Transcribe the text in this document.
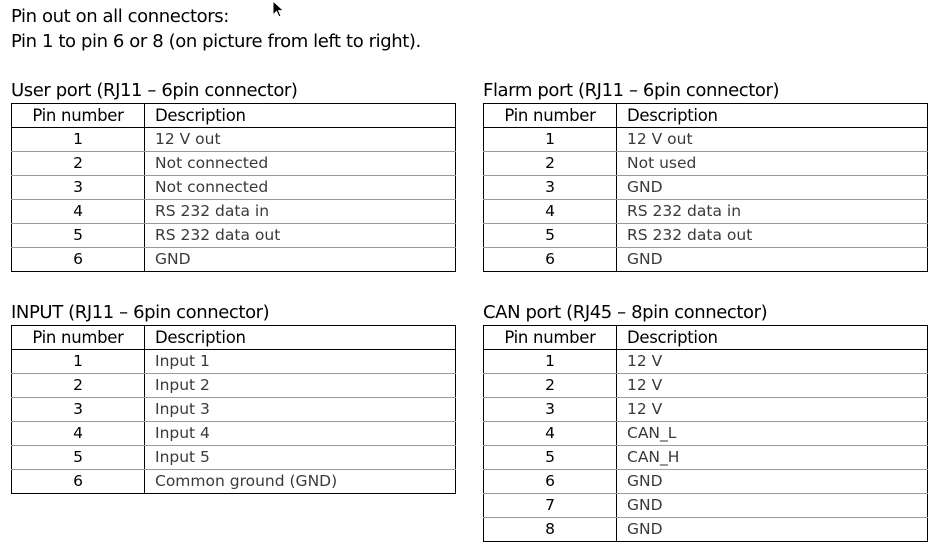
Pin out on all connectors:
Pin 1 to pin 6 or 8 (on picture from left to right).
User port (RJ11 – 6pin connector)
Pin number	Description
1	12 V out
2	Not connected
3	Not connected
4	RS 232 data in
5	RS 232 data out
6	GND
Flarm port (RJ11 – 6pin connector)
Pin number	Description
1	12 V out
2	Not used
3	GND
4	RS 232 data in
5	RS 232 data out
6	GND
INPUT (RJ11 – 6pin connector)
Pin number	Description
1	Input 1
2	Input 2
3	Input 3
4	Input 4
5	Input 5
6	Common ground (GND)
CAN port (RJ45 – 8pin connector)
Pin number	Description
1	12 V
2	12 V
3	12 V
4	CAN_L
5	CAN_H
6	GND
7	GND
8	GND
